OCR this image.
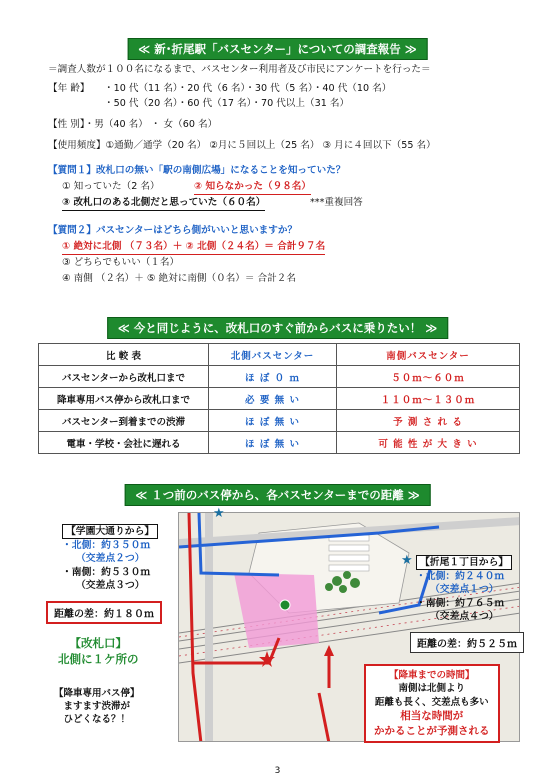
≪ 新･折尾駅「バスセンター」についての調査報告 ≫
＝調査人数が１００名になるまで、バスセンター利用者及び市民にアンケートを行った＝
【年 齢】 ・10 代（11 名）・20 代（6 名）・30 代（5 名）・40 代（10 名）
・50 代（20 名）・60 代（17 名）・70 代以上（31 名）
【性 別】・男（40 名） ・ 女（60 名）
【使用頻度】①通勤／通学（20 名） ②月に５回以上（25 名） ③ 月に４回以下（55 名）
【質問１】改札口の無い「駅の南側広場」になることを知っていた？
① 知っていた（2 名）	② 知らなかった（９８名）
③ 改札口のある北側だと思っていた（６０名）	***重複回答
【質問２】パスセンターはどちら側がいいと思いますか？
① 絶対に北側 （７３名）＋ ② 北側（２４名）＝ 合計９７名
③ どちらでもいい（１名）
④ 南側 （２名）＋ ⑤ 絶対に南側（０名）＝ 合計２名
≪ 今と同じように、改札口のすぐ前からバスに乗りたい！ ≫
比 較 表	北側バスセンター	南側バスセンター
バスセンターから改札口まで	ほ ぼ ０ ｍ	５０ｍ～６０ｍ
降車専用バス停から改札口まで	必 要 無 い	１１０ｍ～１３０ｍ
バスセンター到着までの渋滞	ほ ぼ 無 い	予 測 さ れ る
電車・学校・会社に遅れる	ほ ぼ 無 い	可 能 性 が 大 き い
≪ １つ前のバス停から、各バスセンターまでの距離 ≫
★
★
【学園大通りから】
・北側：約３５０ｍ
（交差点２つ）
・南側：約５３０ｍ
（交差点３つ）
距離の差：約１８０ｍ
【折尾１丁目から】
・北側：約２４０ｍ
（交差点１つ）
・南側：約７６５ｍ
（交差点４つ）
距離の差：約５２５ｍ
【改札口】
北側に１ケ所の
【降車専用バス停】
ますます渋滞が
ひどくなる？！
【降車までの時間】
南側は北側より
距離も長く、交差点も多い
相当な時間が
かかることが予測される
3
